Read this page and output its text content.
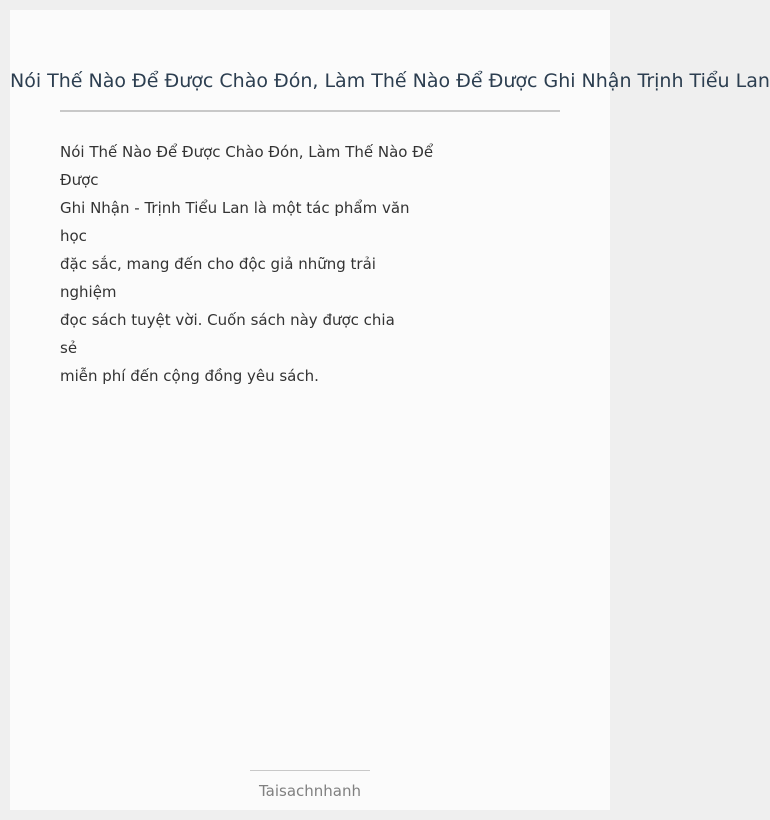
Nói Thế Nào Để Được Chào Đón, Làm Thế Nào Để Được Ghi Nhận Trịnh Tiểu Lan
Nói Thế Nào Để Được Chào Đón, Làm Thế Nào Để
Được
Ghi Nhận - Trịnh Tiểu Lan là một tác phẩm văn
học
đặc sắc, mang đến cho độc giả những trải
nghiệm
đọc sách tuyệt vời. Cuốn sách này được chia
sẻ
miễn phí đến cộng đồng yêu sách.
Taisachnhanh
